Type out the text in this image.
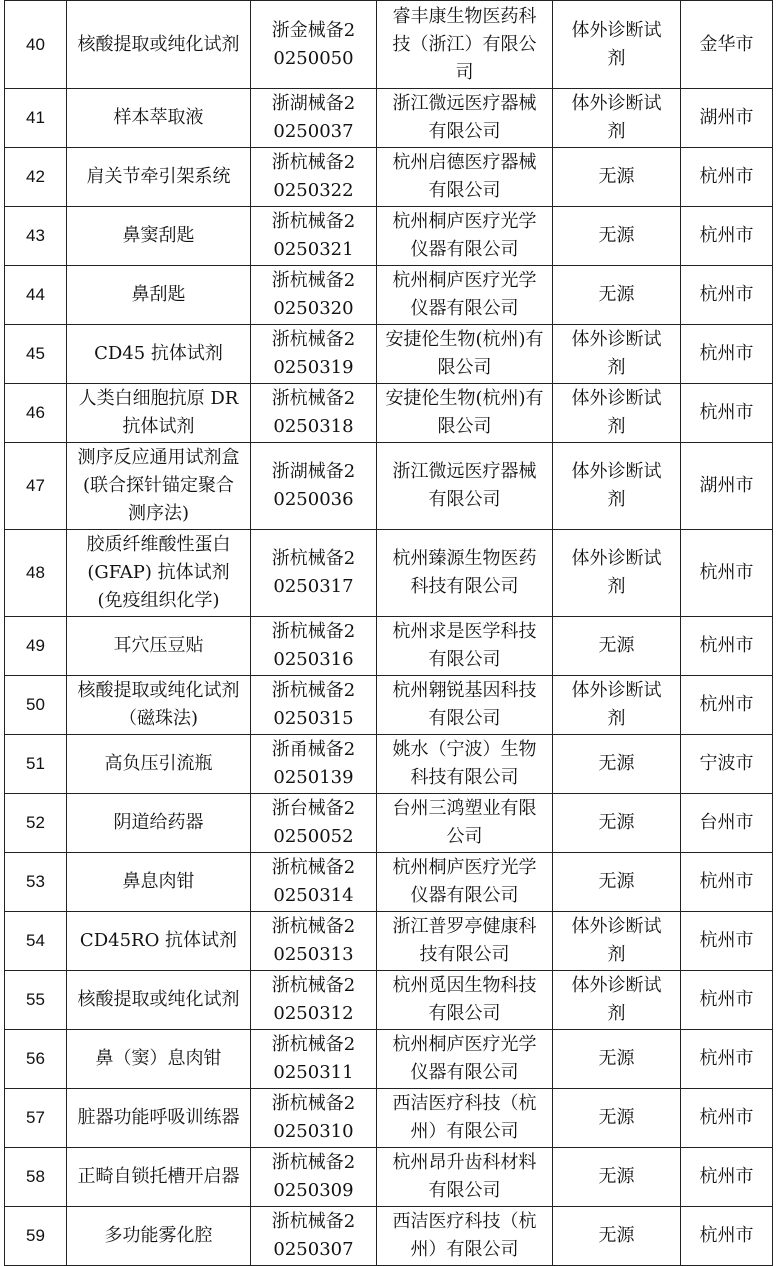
40	核酸提取或纯化试剂	浙金械备20250050	睿丰康生物医药科技（浙江）有限公司	体外诊断试剂	金华市
41	样本萃取液	浙湖械备20250037	浙江微远医疗器械有限公司	体外诊断试剂	湖州市
42	肩关节牵引架系统	浙杭械备20250322	杭州启德医疗器械有限公司	无源	杭州市
43	鼻窦刮匙	浙杭械备20250321	杭州桐庐医疗光学仪器有限公司	无源	杭州市
44	鼻刮匙	浙杭械备20250320	杭州桐庐医疗光学仪器有限公司	无源	杭州市
45	CD45 抗体试剂	浙杭械备20250319	安捷伦生物(杭州)有限公司	体外诊断试剂	杭州市
46	人类白细胞抗原 DR 抗体试剂	浙杭械备20250318	安捷伦生物(杭州)有限公司	体外诊断试剂	杭州市
47	测序反应通用试剂盒(联合探针锚定聚合测序法)	浙湖械备20250036	浙江微远医疗器械有限公司	体外诊断试剂	湖州市
48	胶质纤维酸性蛋白(GFAP) 抗体试剂(免疫组织化学)	浙杭械备20250317	杭州臻源生物医药科技有限公司	体外诊断试剂	杭州市
49	耳穴压豆贴	浙杭械备20250316	杭州求是医学科技有限公司	无源	杭州市
50	核酸提取或纯化试剂（磁珠法)	浙杭械备20250315	杭州翱锐基因科技有限公司	体外诊断试剂	杭州市
51	高负压引流瓶	浙甬械备20250139	姚水（宁波）生物科技有限公司	无源	宁波市
52	阴道给药器	浙台械备20250052	台州三鸿塑业有限公司	无源	台州市
53	鼻息肉钳	浙杭械备20250314	杭州桐庐医疗光学仪器有限公司	无源	杭州市
54	CD45RO 抗体试剂	浙杭械备20250313	浙江普罗亭健康科技有限公司	体外诊断试剂	杭州市
55	核酸提取或纯化试剂	浙杭械备20250312	杭州觅因生物科技有限公司	体外诊断试剂	杭州市
56	鼻（窦）息肉钳	浙杭械备20250311	杭州桐庐医疗光学仪器有限公司	无源	杭州市
57	脏器功能呼吸训练器	浙杭械备20250310	西洁医疗科技（杭州）有限公司	无源	杭州市
58	正畸自锁托槽开启器	浙杭械备20250309	杭州昂升齿科材料有限公司	无源	杭州市
59	多功能雾化腔	浙杭械备20250307	西洁医疗科技（杭州）有限公司	无源	杭州市
